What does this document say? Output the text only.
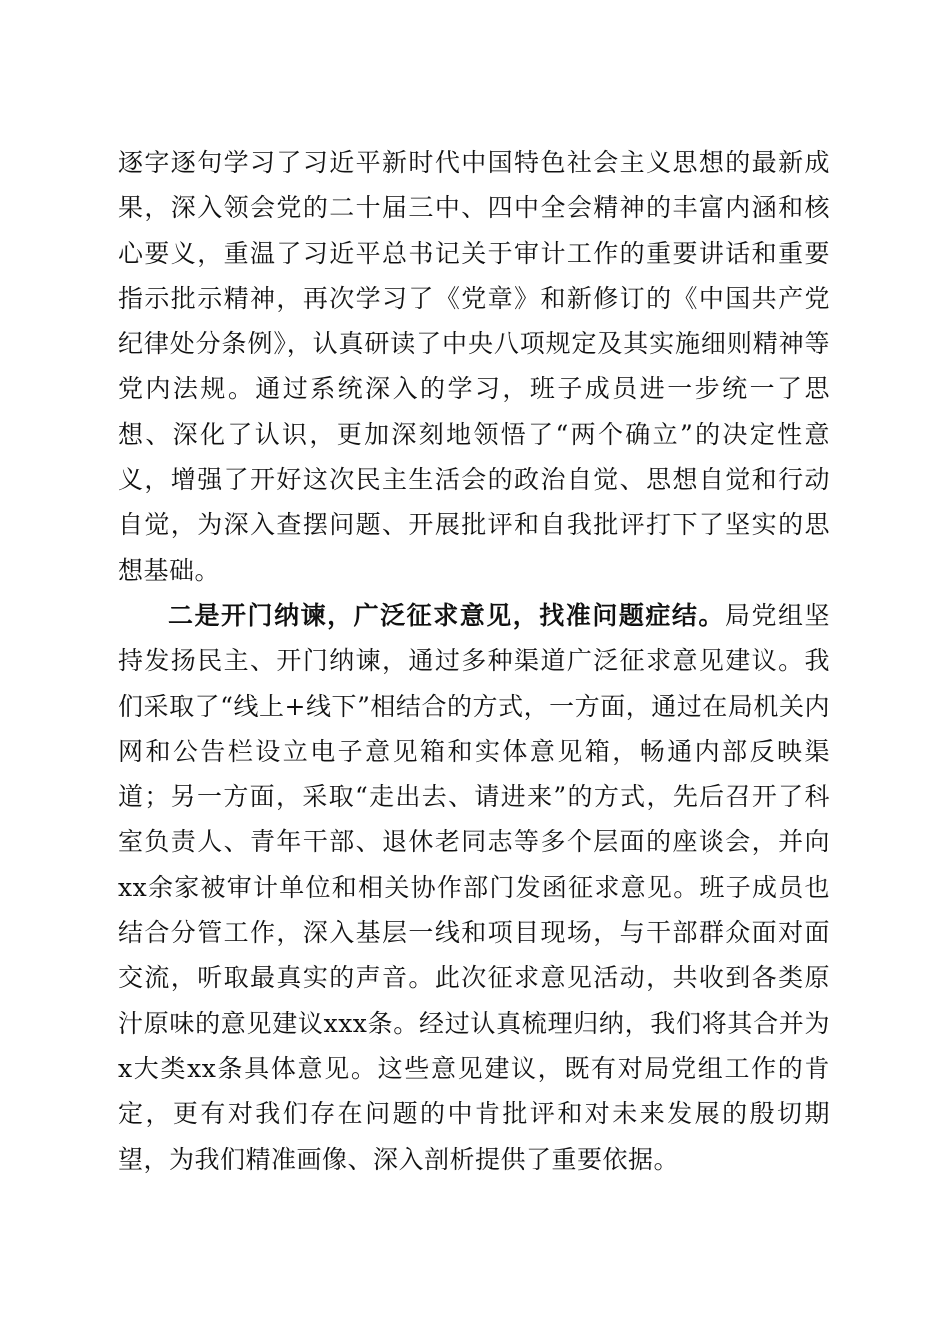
逐字逐句学习了习近平新时代中国特色社会主义思想的最新成果，深入领会党的二十届三中、四中全会精神的丰富内涵和核心要义，重温了习近平总书记关于审计工作的重要讲话和重要指示批示精神，再次学习了《党章》和新修订的《中国共产党纪律处分条例》，认真研读了中央八项规定及其实施细则精神等党内法规。通过系统深入的学习，班子成员进一步统一了思想、深化了认识，更加深刻地领悟了“两个确立”的决定性意义，增强了开好这次民主生活会的政治自觉、思想自觉和行动自觉，为深入查摆问题、开展批评和自我批评打下了坚实的思想基础。

二是开门纳谏，广泛征求意见，找准问题症结。局党组坚持发扬民主、开门纳谏，通过多种渠道广泛征求意见建议。我们采取了“线上+线下”相结合的方式，一方面，通过在局机关内网和公告栏设立电子意见箱和实体意见箱，畅通内部反映渠道；另一方面，采取“走出去、请进来”的方式，先后召开了科室负责人、青年干部、退休老同志等多个层面的座谈会，并向xx余家被审计单位和相关协作部门发函征求意见。班子成员也结合分管工作，深入基层一线和项目现场，与干部群众面对面交流，听取最真实的声音。此次征求意见活动，共收到各类原汁原味的意见建议xxx条。经过认真梳理归纳，我们将其合并为x大类xx条具体意见。这些意见建议，既有对局党组工作的肯定，更有对我们存在问题的中肯批评和对未来发展的殷切期望，为我们精准画像、深入剖析提供了重要依据。
